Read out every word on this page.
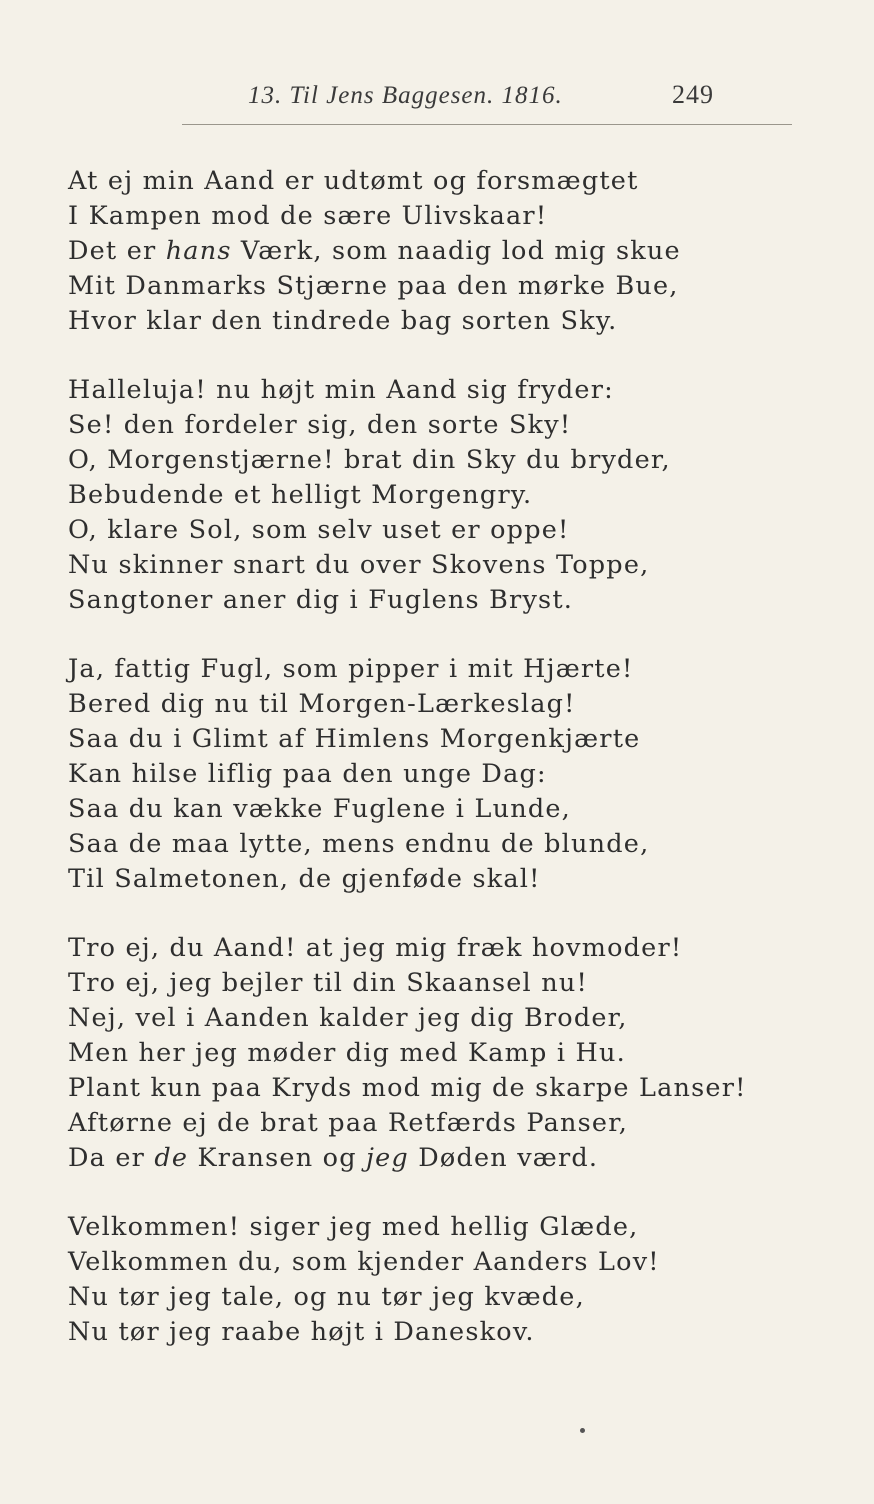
13. Til Jens Baggesen. 1816.	249
At ej min Aand er udtømt og forsmægtet
I Kampen mod de sære Ulivskaar!
Det er hans Værk, som naadig lod mig skue
Mit Danmarks Stjærne paa den mørke Bue,
Hvor klar den tindrede bag sorten Sky.
Halleluja! nu højt min Aand sig fryder:
Se! den fordeler sig, den sorte Sky!
O, Morgenstjærne! brat din Sky du bryder,
Bebudende et helligt Morgengry.
O, klare Sol, som selv uset er oppe!
Nu skinner snart du over Skovens Toppe,
Sangtoner aner dig i Fuglens Bryst.
Ja, fattig Fugl, som pipper i mit Hjærte!
Bered dig nu til Morgen-Lærkeslag!
Saa du i Glimt af Himlens Morgenkjærte
Kan hilse liflig paa den unge Dag:
Saa du kan vække Fuglene i Lunde,
Saa de maa lytte, mens endnu de blunde,
Til Salmetonen, de gjenføde skal!
Tro ej, du Aand! at jeg mig fræk hovmoder!
Tro ej, jeg bejler til din Skaansel nu!
Nej, vel i Aanden kalder jeg dig Broder,
Men her jeg møder dig med Kamp i Hu.
Plant kun paa Kryds mod mig de skarpe Lanser!
Aftørne ej de brat paa Retfærds Panser,
Da er de Kransen og jeg Døden værd.
Velkommen! siger jeg med hellig Glæde,
Velkommen du, som kjender Aanders Lov!
Nu tør jeg tale, og nu tør jeg kvæde,
Nu tør jeg raabe højt i Daneskov.
